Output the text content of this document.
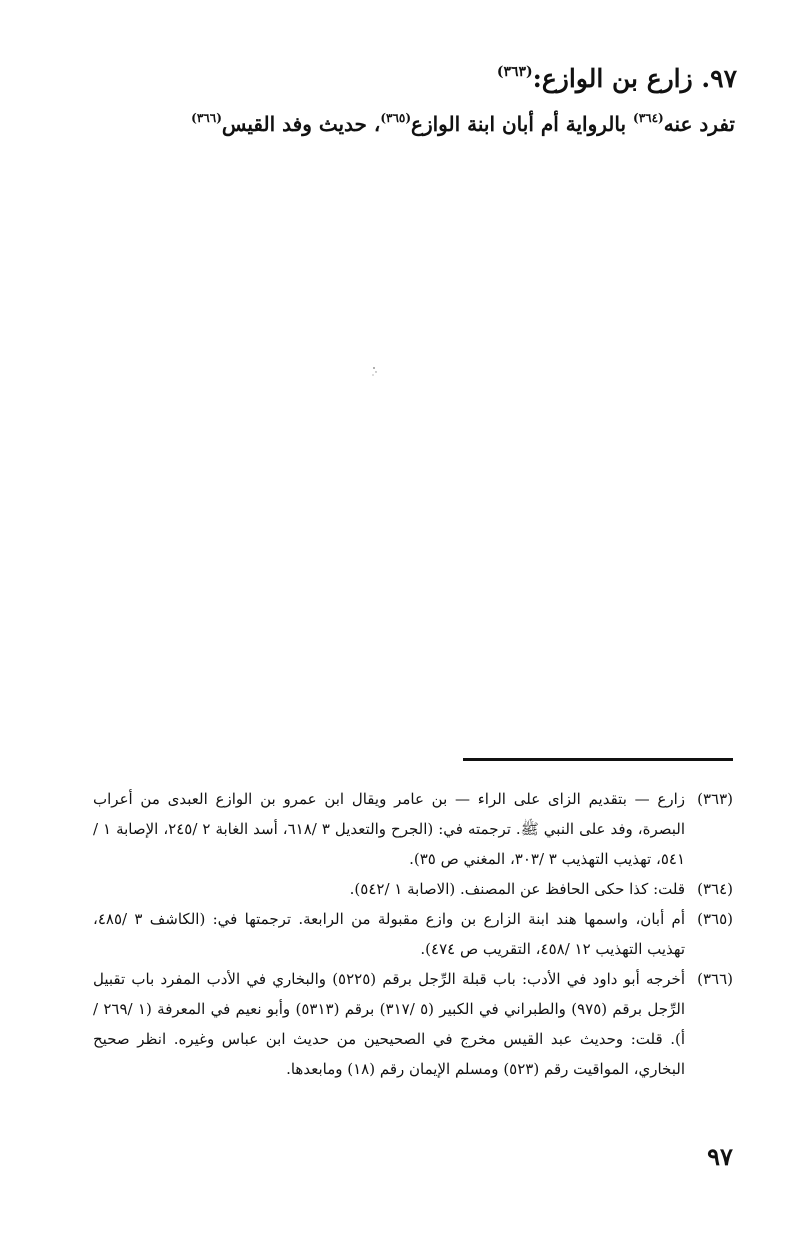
٩٧. زارع بن الوازع:$^{(٣٦٣)}$
تفرد عنه$^{(٣٦٤)}$ بالرواية أم أبان ابنة الوازع$^{(٣٦٥)}$، حديث وفد القيس$^{(٣٦٦)}$
(٣٦٣)
زارع — بتقديم الزاى على الراء — بن عامر ويقال ابن عمرو بن الوازع العبدى من أعراب البصرة، وفد على النبي ﷺ. ترجمته في: (الجرح والتعديل ٣ /٦١٨، أسد الغابة ٢ /٢٤٥، الإصابة ١ /٥٤١، تهذيب التهذيب ٣ /٣٠٣، المغني ص ٣٥).
(٣٦٤)
قلت: كذا حكى الحافظ عن المصنف. (الاصابة ١ /٥٤٢).
(٣٦٥)
أم أبان، واسمها هند ابنة الزارع بن وازع مقبولة من الرابعة. ترجمتها في: (الكاشف ٣ /٤٨٥، تهذيب التهذيب ١٢ /٤٥٨، التقريب ص ٤٧٤).
(٣٦٦)
أخرجه أبو داود في الأدب: باب قبلة الرِّجل برقم (٥٢٢٥) والبخاري في الأدب المفرد باب تقبيل الرِّجل برقم (٩٧٥) والطبراني في الكبير (٥ /٣١٧) برقم (٥٣١٣) وأبو نعيم في المعرفة (١ /٢٦٩ /أ). قلت: وحديث عبد القيس مخرج في الصحيحين من حديث ابن عباس وغيره. انظر صحيح البخاري، المواقيت رقم (٥٢٣) ومسلم الإيمان رقم (١٨) ومابعدها.
٩٧
